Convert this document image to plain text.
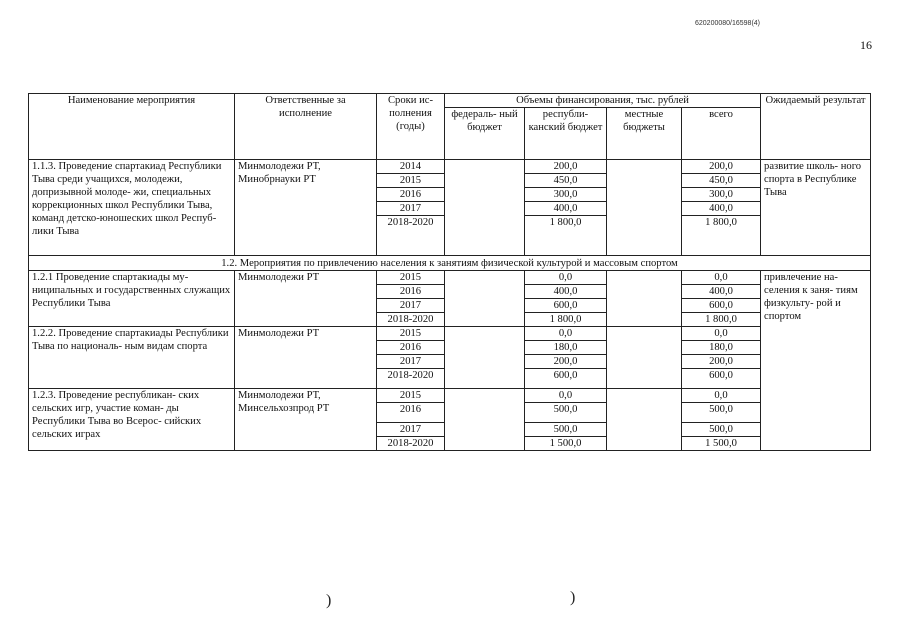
620200080/16598(4)
16
Наименование мероприятия	Ответственные за исполнение	Сроки ис- полнения (годы)	Объемы финансирования, тыс. рублей				Ожидаемый результат
			федераль- ный бюджет	республи- канский бюджет	местные бюджеты	всего	
1.1.3. Проведение спартакиад Республики Тыва среди учащихся, молодежи, допризывной молоде- жи, специальных коррекционных школ Республики Тыва, команд детско-юношеских школ Респуб- лики Тыва	Минмолодежи РТ, Минобрнауки РТ	2014		200,0		200,0	развитие школь- ного спорта в Республике Тыва
		2015		450,0		450,0	
		2016		300,0		300,0	
		2017		400,0		400,0	
		2018-2020		1 800,0		1 800,0	
1.2. Мероприятия по привлечению населения к занятиям физической культурой и массовым спортом							
1.2.1 Проведение спартакиады му- ниципальных и государственных служащих Республики Тыва	Минмолодежи РТ	2015		0,0		0,0	привлечение на- селения к заня- тиям физкульту- рой и спортом
		2016		400,0		400,0	
		2017		600,0		600,0	
		2018-2020		1 800,0		1 800,0	
1.2.2. Проведение спартакиады Республики Тыва по националь- ным видам спорта	Минмолодежи РТ	2015		0,0		0,0	
		2016		180,0		180,0	
		2017		200,0		200,0	
		2018-2020		600,0		600,0	
1.2.3. Проведение республикан- ских сельских игр, участие коман- ды Республики Тыва во Всерос- сийских сельских играх	Минмолодежи РТ, Минсельхозпрод РТ	2015		0,0		0,0	
		2016		500,0		500,0	
		2017		500,0		500,0	
		2018-2020		1 500,0		1 500,0	
)	)
